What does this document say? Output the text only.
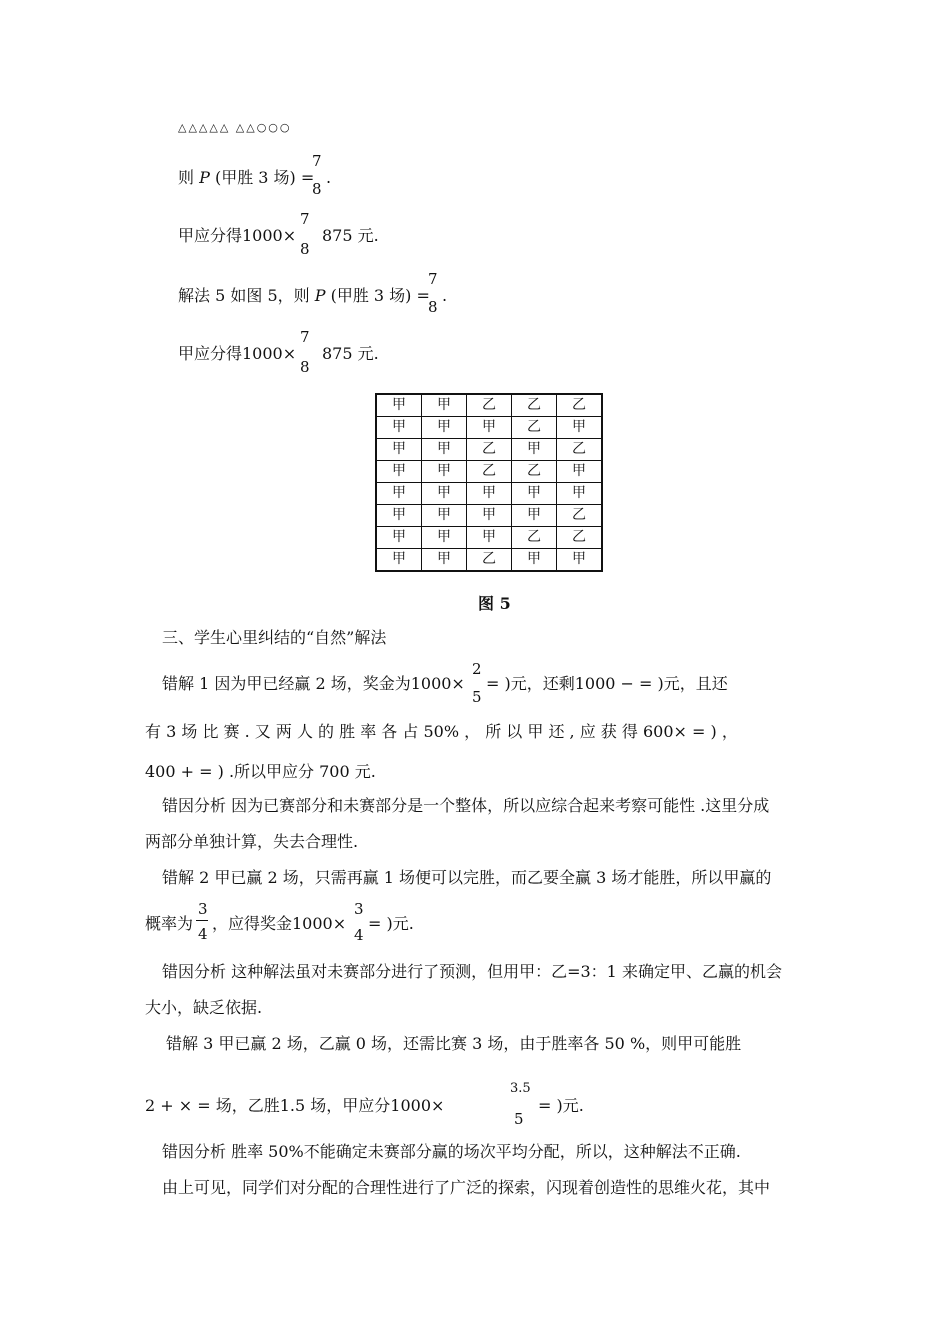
△△△△△ △△○○○
则 P (甲胜 3 场) =
7
8
.
甲应分得1000×
7
8
875 元.
解法 5 如图 5，则 P (甲胜 3 场) =
7
8
.
甲应分得1000×
7
8
875 元.
甲	甲	乙	乙	乙
甲	甲	甲	乙	甲
甲	甲	乙	甲	乙
甲	甲	乙	乙	甲
甲	甲	甲	甲	甲
甲	甲	甲	甲	乙
甲	甲	甲	乙	乙
甲	甲	乙	甲	甲
图 5
三、学生心里纠结的“自然”解法
错解 1 因为甲已经赢 2 场，奖金为1000×
2
5
= )元，还剩1000 − = )元，且还
有 3 场 比 赛 . 又 两 人 的 胜 率 各 占 50% ， 所 以 甲 还 , 应 获 得 600× = ) ，
400 + = ) .所以甲应分 700 元.
错因分析 因为已赛部分和未赛部分是一个整体，所以应综合起来考察可能性 .这里分成
两部分单独计算，失去合理性.
错解 2 甲已赢 2 场，只需再赢 1 场便可以完胜，而乙要全赢 3 场才能胜，所以甲赢的
概率为
3
4
，应得奖金1000×
3
4
= )元.
错因分析 这种解法虽对未赛部分进行了预测，但用甲：乙=3：1 来确定甲、乙赢的机会
大小，缺乏依据.
错解 3 甲已赢 2 场，乙赢 0 场，还需比赛 3 场，由于胜率各 50 %，则甲可能胜
2 + × = 场，乙胜1.5 场，甲应分1000×
3.5
5
= )元.
错因分析 胜率 50%不能确定未赛部分赢的场次平均分配，所以，这种解法不正确.
由上可见，同学们对分配的合理性进行了广泛的探索，闪现着创造性的思维火花，其中
